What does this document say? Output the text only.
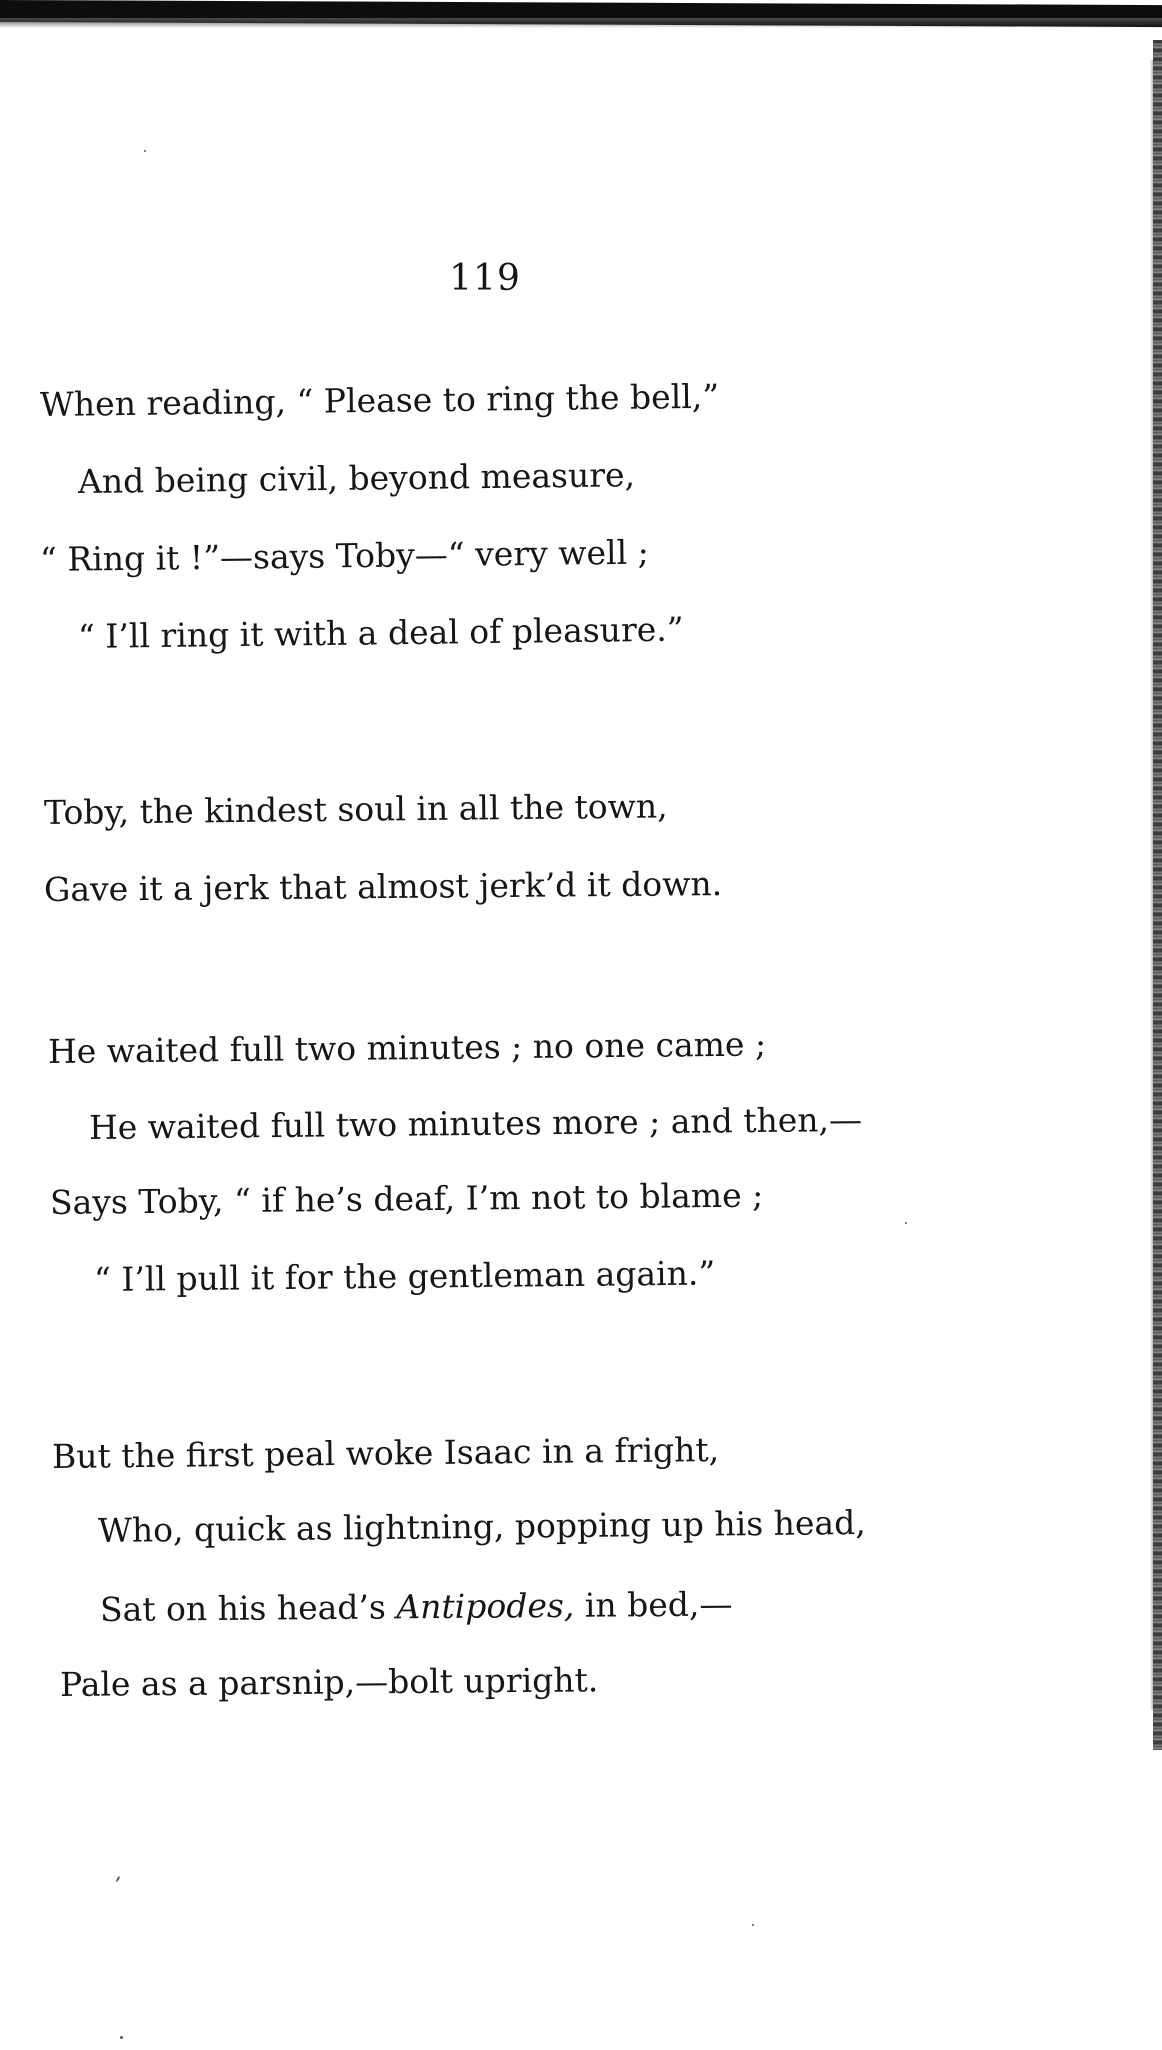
119
When reading, “ Please to ring the bell,”
And being civil, beyond measure,
“ Ring it !”—says Toby—“ very well ;
“ I’ll ring it with a deal of pleasure.”
Toby, the kindest soul in all the town,
Gave it a jerk that almost jerk’d it down.
He waited full two minutes ; no one came ;
He waited full two minutes more ; and then,—
Says Toby, “ if he’s deaf, I’m not to blame ;
“ I’ll pull it for the gentleman again.”
But the first peal woke Isaac in a fright,
Who, quick as lightning, popping up his head,
Sat on his head’s Antipodes, in bed,—
Pale as a parsnip,—bolt upright.
